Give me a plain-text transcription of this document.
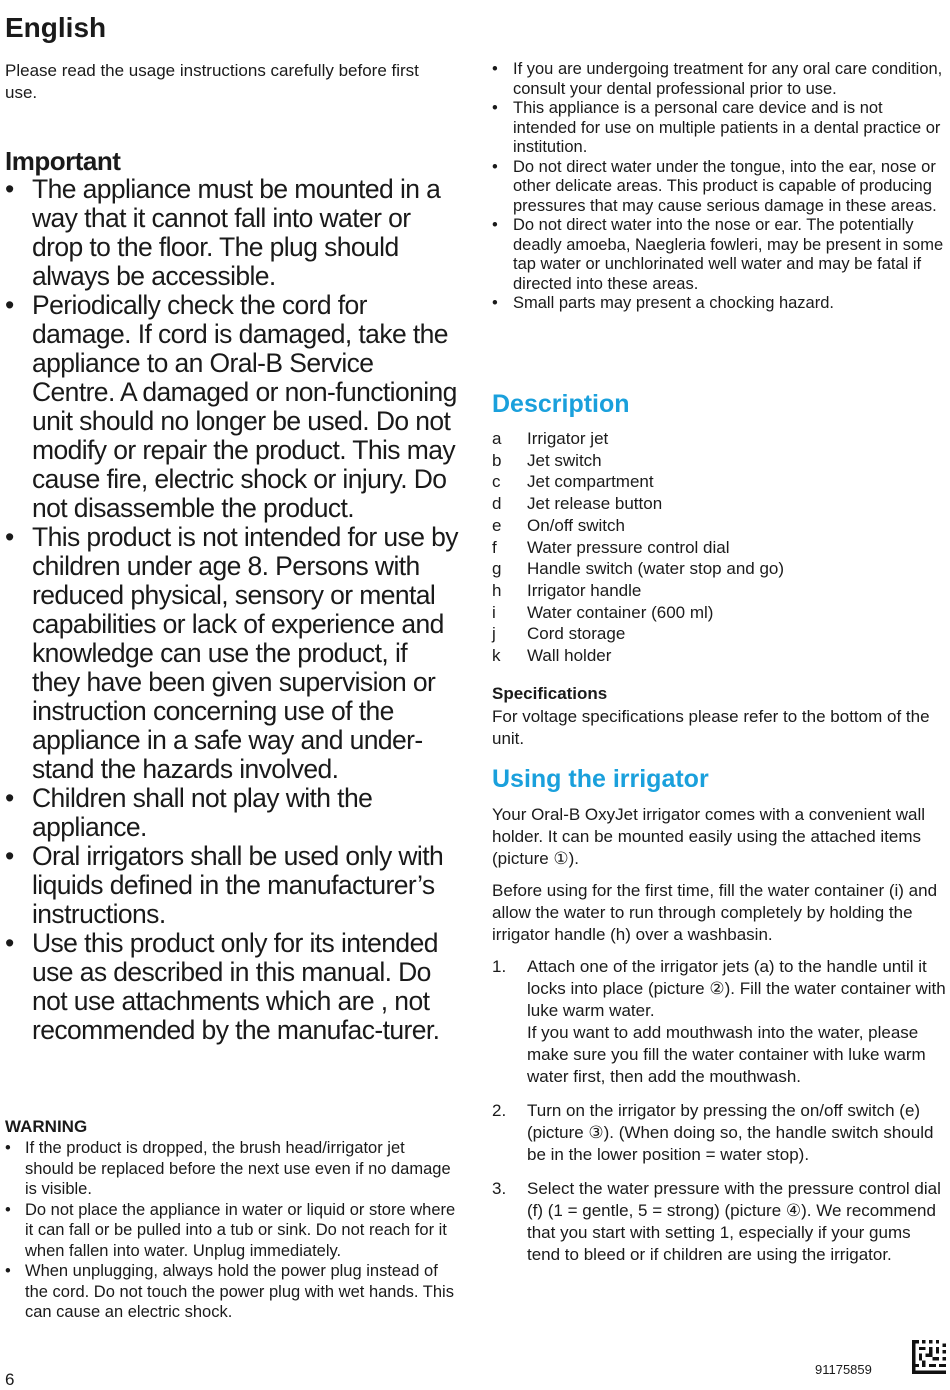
English

Please read the usage instructions carefully before first use.

Important
• The appliance must be mounted in a way that it cannot fall into water or drop to the floor. The plug should always be accessible.
• Periodically check the cord for damage. If cord is damaged, take the appliance to an Oral-B Service Centre. A damaged or non-functioning unit should no longer be used. Do not modify or repair the product. This may cause fire, electric shock or injury. Do not disassemble the product.
• This product is not intended for use by children under age 8. Persons with reduced physical, sensory or mental capabilities or lack of experience and knowledge can use the product, if they have been given supervision or instruction concerning use of the appliance in a safe way and under-stand the hazards involved.
• Children shall not play with the appliance.
• Oral irrigators shall be used only with liquids defined in the manufacturer’s instructions.
• Use this product only for its intended use as described in this manual. Do not use attachments which are , not recommended by the manufac-turer.
WARNING
• If the product is dropped, the brush head/irrigator jet should be replaced before the next use even if no damage is visible.
• Do not place the appliance in water or liquid or store where it can fall or be pulled into a tub or sink. Do not reach for it when fallen into water. Unplug immediately.
• When unplugging, always hold the power plug instead of the cord. Do not touch the power plug with wet hands. This can cause an electric shock.

6

• If you are undergoing treatment for any oral care condition, consult your dental professional prior to use.
• This appliance is a personal care device and is not intended for use on multiple patients in a dental practice or institution.
• Do not direct water under the tongue, into the ear, nose or other delicate areas. This product is capable of producing pressures that may cause serious damage in these areas.
• Do not direct water into the nose or ear. The potentially deadly amoeba, Naegleria fowleri, may be present in some tap water or unchlorinated well water and may be fatal if directed into these areas.
• Small parts may present a chocking hazard.
Description
a	Irrigator jet
b	Jet switch
c	Jet compartment
d	Jet release button
e	On/off switch
f	Water pressure control dial
g	Handle switch (water stop and go)
h	Irrigator handle
i	Water container (600 ml)
j	Cord storage
k	Wall holder
Specifications

For voltage specifications please refer to the bottom of the unit.

Using the irrigator

Your Oral-B OxyJet irrigator comes with a convenient wall holder. It can be mounted easily using the attached items (picture ①).

Before using for the first time, fill the water container (i) and allow the water to run through completely by holding the irrigator handle (h) over a washbasin.

1.	Attach one of the irrigator jets (a) to the handle until it locks into place (picture ②). Fill the water container with luke warm water.
If you want to add mouthwash into the water, please make sure you fill the water container with luke warm water first, then add the mouthwash.
2.	Turn on the irrigator by pressing the on/off switch (e) (picture ③). (When doing so, the handle switch should be in the lower position = water stop).
3.	Select the water pressure with the pressure control dial (f) (1 = gentle, 5 = strong) (picture ④). We recommend that you start with setting 1, especially if your gums tend to bleed or if children are using the irrigator.

91175859
